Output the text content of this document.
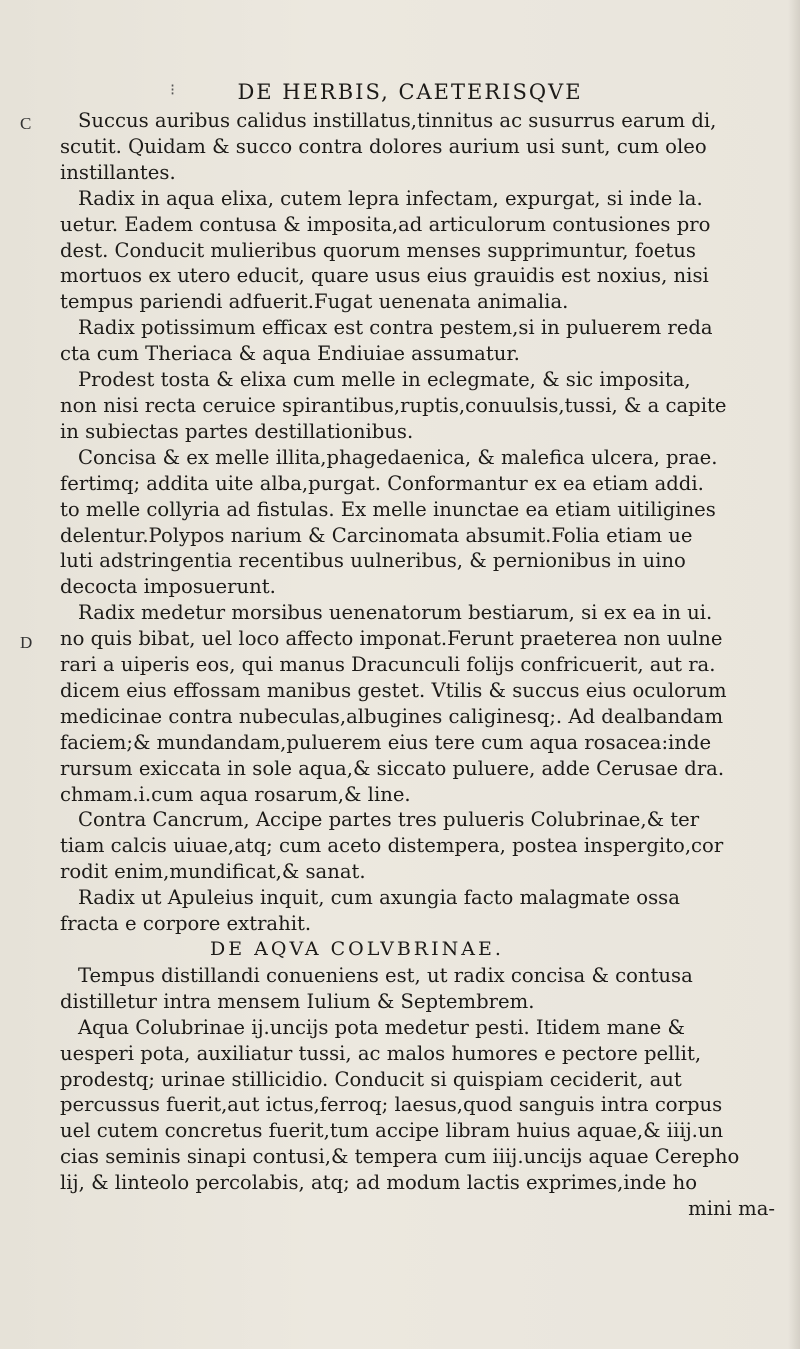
⁝	DE HERBIS, CAETERISQVE
C
D
Succus auribus calidus instillatus,tinnitus ac susurrus earum di,
scutit. Quidam & succo contra dolores aurium usi sunt, cum oleo
instillantes.
Radix in aqua elixa, cutem lepra infectam, expurgat, si inde la.
uetur. Eadem contusa & imposita,ad articulorum contusiones pro
dest. Conducit mulieribus quorum menses supprimuntur, foetus
mortuos ex utero educit, quare usus eius grauidis est noxius, nisi
tempus pariendi adfuerit.Fugat uenenata animalia.
Radix potissimum efficax est contra pestem,si in puluerem reda
cta cum Theriaca & aqua Endiuiae assumatur.
Prodest tosta & elixa cum melle in eclegmate, & sic imposita,
non nisi recta ceruice spirantibus,ruptis,conuulsis,tussi, & a capite
in subiectas partes destillationibus.
Concisa & ex melle illita,phagedaenica, & malefica ulcera, prae.
fertimq; addita uite alba,purgat. Conformantur ex ea etiam addi.
to melle collyria ad fistulas. Ex melle inunctae ea etiam uitiligines
delentur.Polypos narium & Carcinomata absumit.Folia etiam ue
luti adstringentia recentibus uulneribus, & pernionibus in uino
decocta imposuerunt.
Radix medetur morsibus uenenatorum bestiarum, si ex ea in ui.
no quis bibat, uel loco affecto imponat.Ferunt praeterea non uulne
rari a uiperis eos, qui manus Dracunculi folijs confricuerit, aut ra.
dicem eius effossam manibus gestet. Vtilis & succus eius oculorum
medicinae contra nubeculas,albugines caliginesq;. Ad dealbandam
faciem;& mundandam,puluerem eius tere cum aqua rosacea:inde
rursum exiccata in sole aqua,& siccato puluere, adde Cerusae dra.
chmam.i.cum aqua rosarum,& line.
Contra Cancrum, Accipe partes tres pulueris Colubrinae,& ter
tiam calcis uiuae,atq; cum aceto distempera, postea inspergito,cor
rodit enim,mundificat,& sanat.
Radix ut Apuleius inquit, cum axungia facto malagmate ossa
fracta e corpore extrahit.
DE AQVA COLVBRINAE.
Tempus distillandi conueniens est, ut radix concisa & contusa
distilletur intra mensem Iulium & Septembrem.
Aqua Colubrinae ij.uncijs pota medetur pesti. Itidem mane &
uesperi pota, auxiliatur tussi, ac malos humores e pectore pellit,
prodestq; urinae stillicidio. Conducit si quispiam ceciderit, aut
percussus fuerit,aut ictus,ferroq; laesus,quod sanguis intra corpus
uel cutem concretus fuerit,tum accipe libram huius aquae,& iiij.un
cias seminis sinapi contusi,& tempera cum iiij.uncijs aquae Cerepho
lij, & linteolo percolabis, atq; ad modum lactis exprimes,inde ho
mini ma-
